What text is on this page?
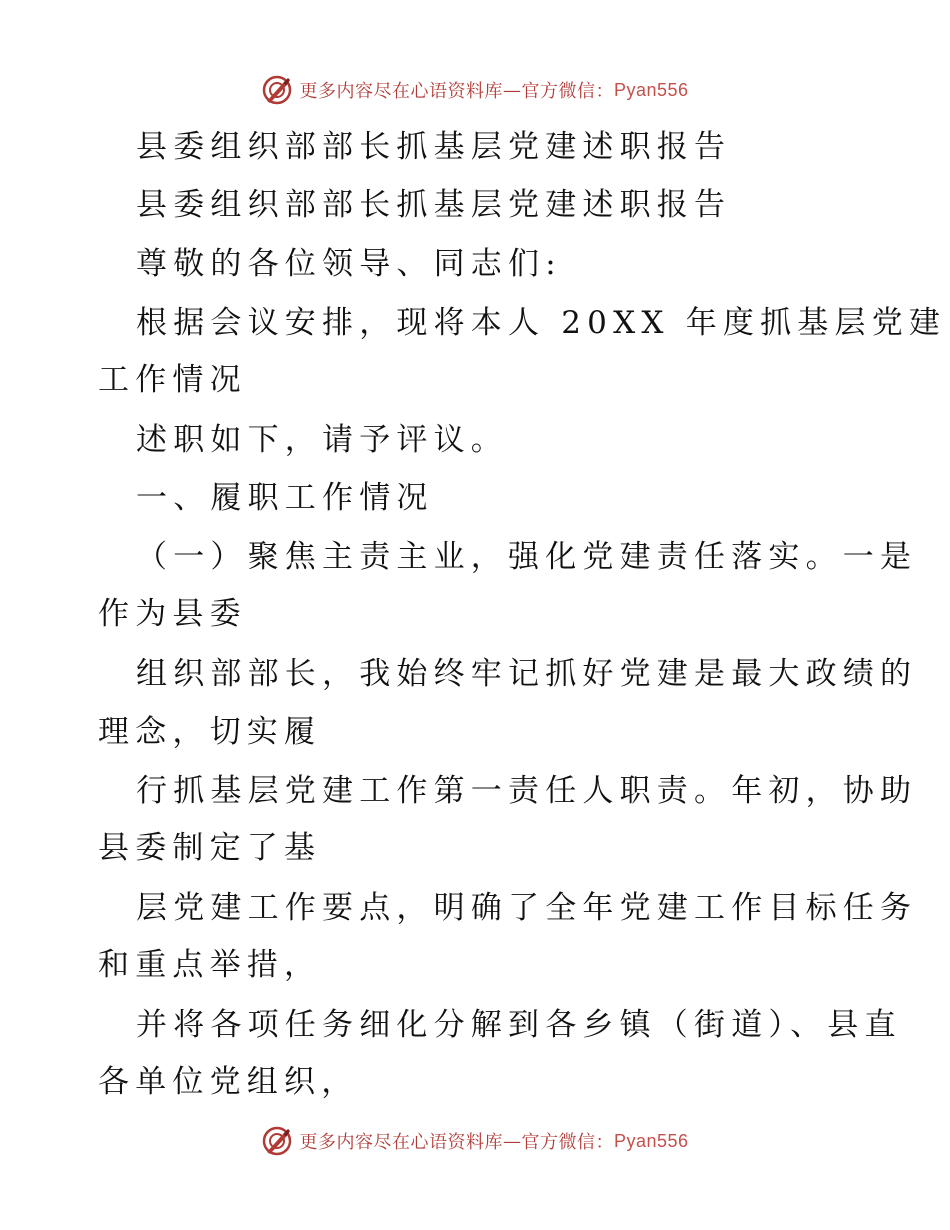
更多内容尽在心语资料库 — 官方微信： Pyan556
县委组织部部长抓基层党建述职报告
县委组织部部长抓基层党建述职报告
尊敬的各位领导、同志们:
根据会议安排，现将本人 20XX 年度抓基层党建
工作情况
述职如下，请予评议。
一、履职工作情况
（一）聚焦主责主业，强化党建责任落实。一是
作为县委
组织部部长，我始终牢记抓好党建是最大政绩的
理念，切实履
行抓基层党建工作第一责任人职责。年初，协助
县委制定了基
层党建工作要点，明确了全年党建工作目标任务
和重点举措，
并将各项任务细化分解到各乡镇（街道）、县直
各单位党组织，
更多内容尽在心语资料库 — 官方微信： Pyan556
